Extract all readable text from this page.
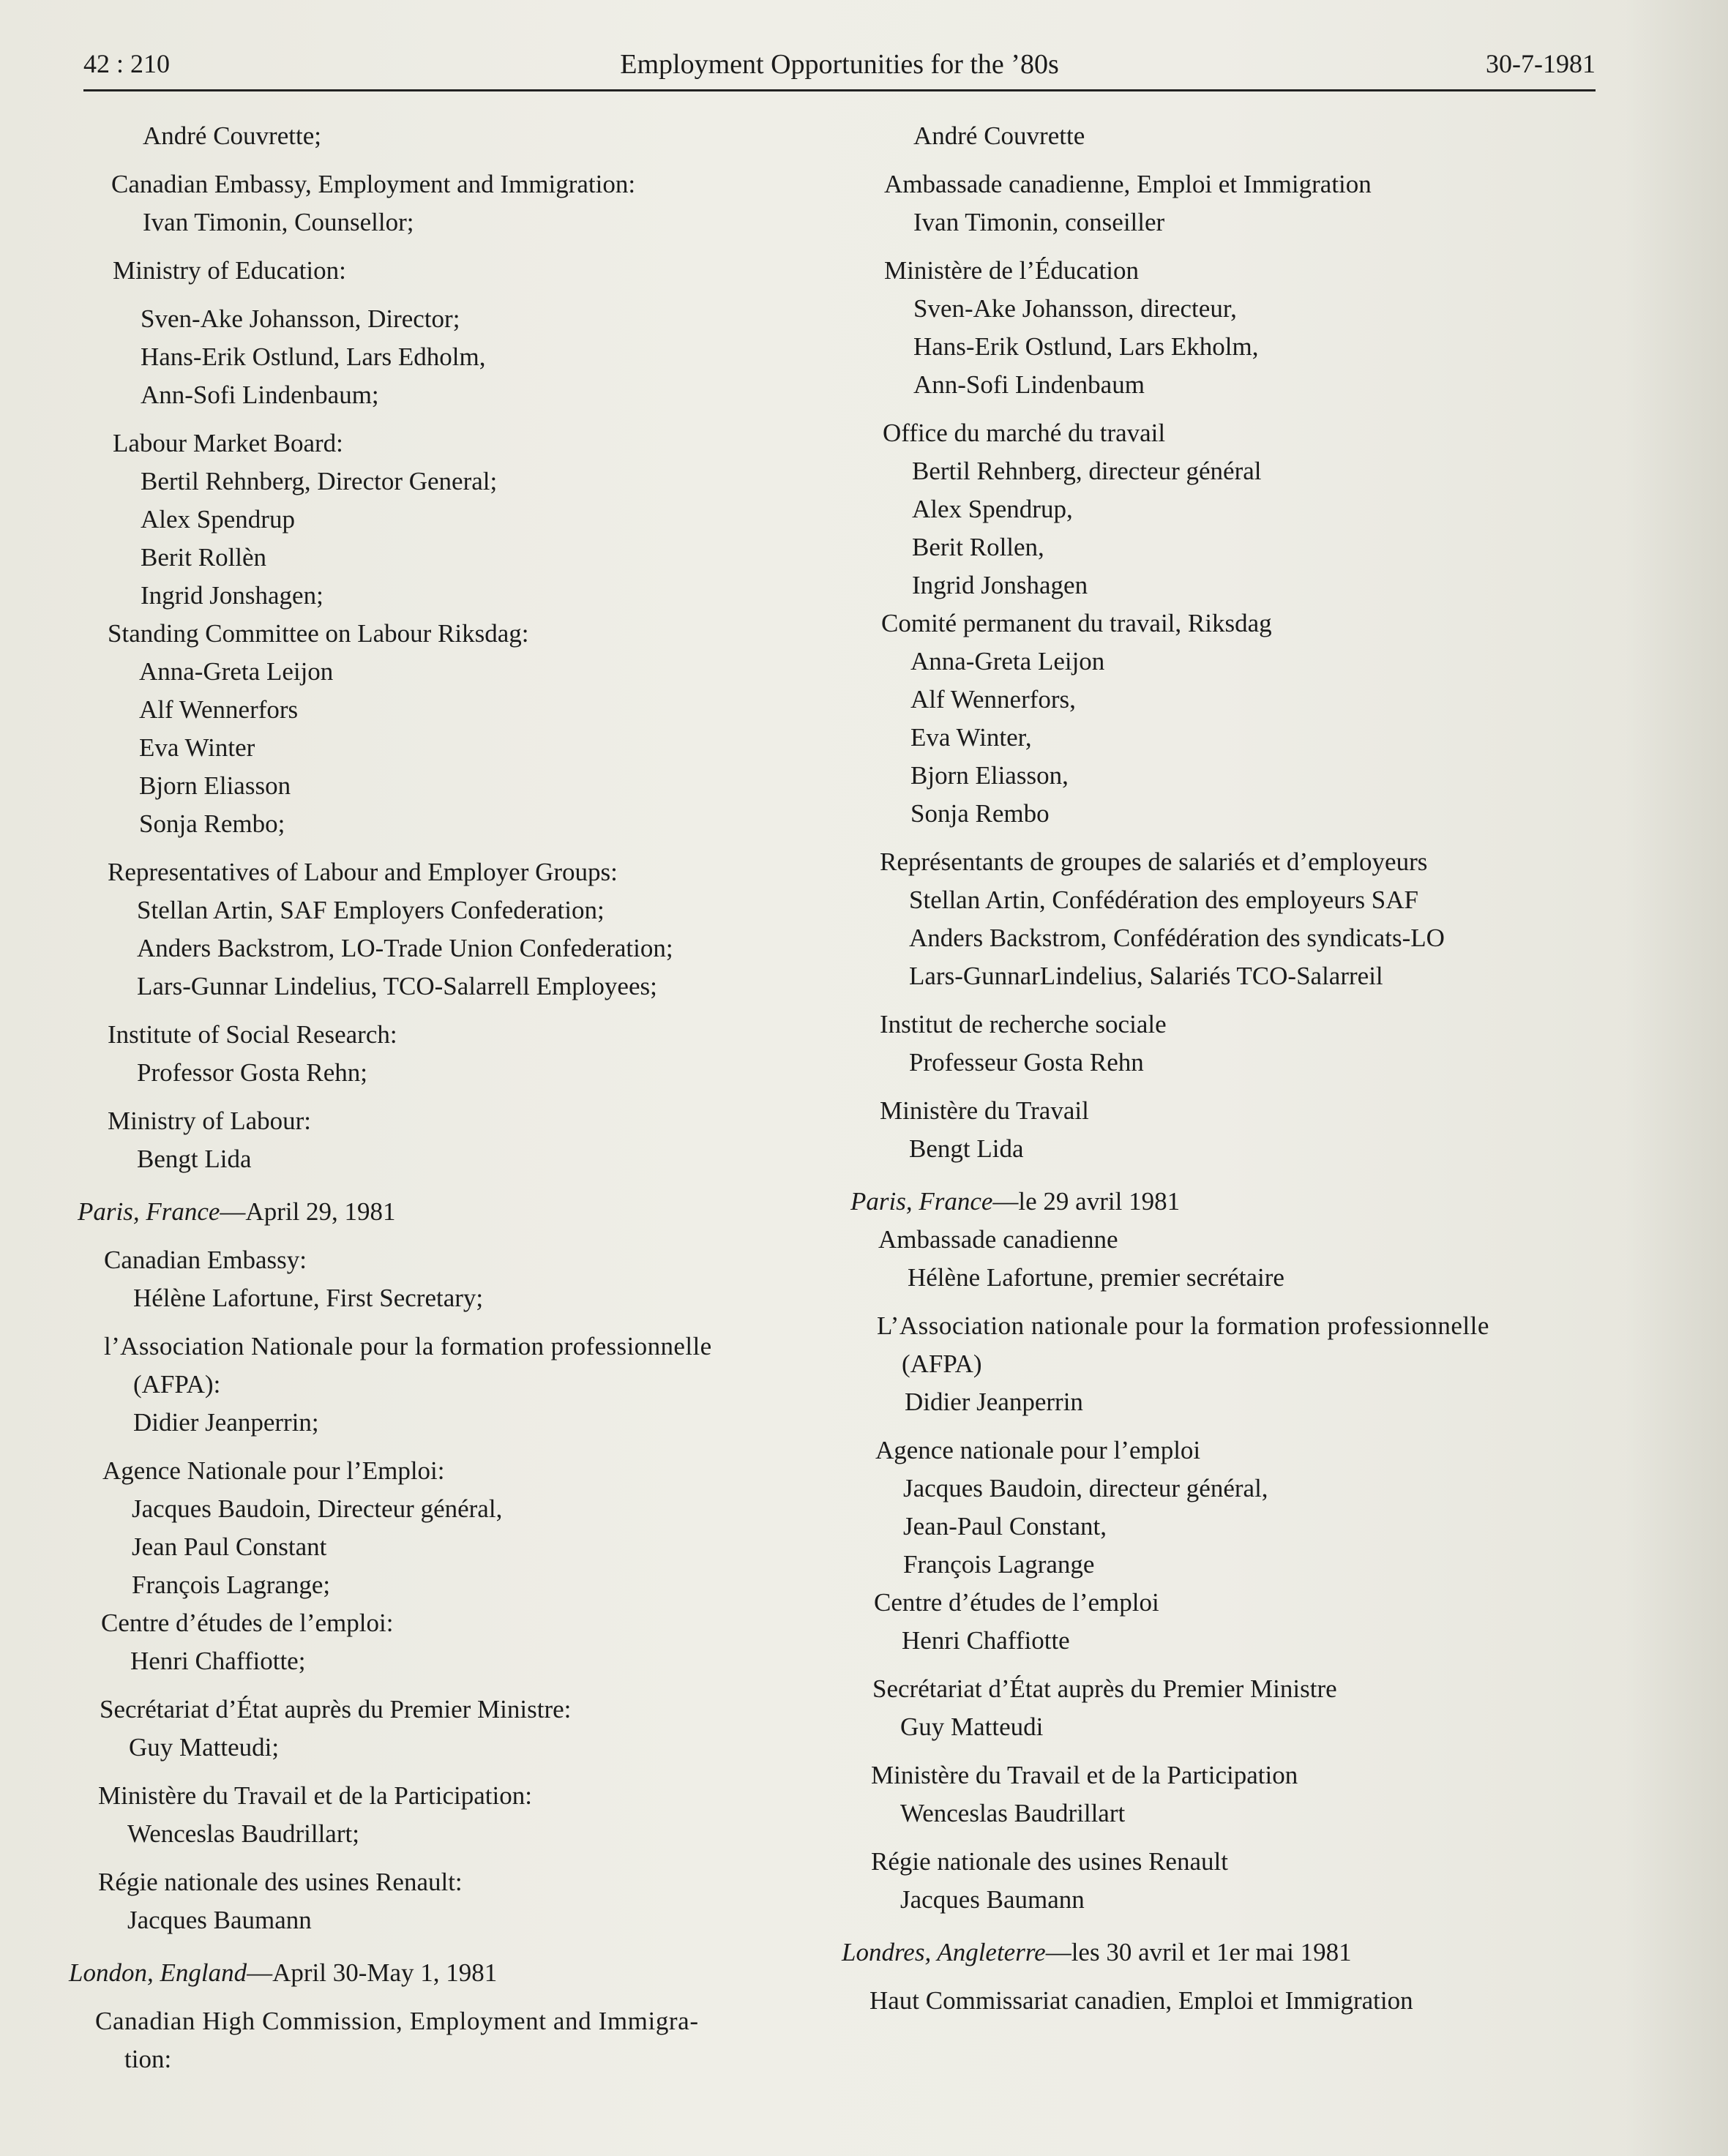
42 : 210	Employment Opportunities for the ’80s	30-7-1981
André Couvrette;
Canadian Embassy, Employment and Immigration:
Ivan Timonin, Counsellor;
Ministry of Education:
Sven-Ake Johansson, Director;
Hans-Erik Ostlund, Lars Edholm,
Ann-Sofi Lindenbaum;
Labour Market Board:
Bertil Rehnberg, Director General;
Alex Spendrup
Berit Rollèn
Ingrid Jonshagen;
Standing Committee on Labour Riksdag:
Anna-Greta Leijon
Alf Wennerfors
Eva Winter
Bjorn Eliasson
Sonja Rembo;
Representatives of Labour and Employer Groups:
Stellan Artin, SAF Employers Confederation;
Anders Backstrom, LO-Trade Union Confederation;
Lars-Gunnar Lindelius, TCO-Salarrell Employees;
Institute of Social Research:
Professor Gosta Rehn;
Ministry of Labour:
Bengt Lida
Paris, France—April 29, 1981
Canadian Embassy:
Hélène Lafortune, First Secretary;
l’Association Nationale pour la formation professionnelle
(AFPA):
Didier Jeanperrin;
Agence Nationale pour l’Emploi:
Jacques Baudoin, Directeur général,
Jean Paul Constant
François Lagrange;
Centre d’études de l’emploi:
Henri Chaffiotte;
Secrétariat d’État auprès du Premier Ministre:
Guy Matteudi;
Ministère du Travail et de la Participation:
Wenceslas Baudrillart;
Régie nationale des usines Renault:
Jacques Baumann
London, England—April 30-May 1, 1981
Canadian High Commission, Employment and Immigra-
tion:
André Couvrette
Ambassade canadienne, Emploi et Immigration
Ivan Timonin, conseiller
Ministère de l’Éducation
Sven-Ake Johansson, directeur,
Hans-Erik Ostlund, Lars Ekholm,
Ann-Sofi Lindenbaum
Office du marché du travail
Bertil Rehnberg, directeur général
Alex Spendrup,
Berit Rollen,
Ingrid Jonshagen
Comité permanent du travail, Riksdag
Anna-Greta Leijon
Alf Wennerfors,
Eva Winter,
Bjorn Eliasson,
Sonja Rembo
Représentants de groupes de salariés et d’employeurs
Stellan Artin, Confédération des employeurs SAF
Anders Backstrom, Confédération des syndicats-LO
Lars-GunnarLindelius, Salariés TCO-Salarreil
Institut de recherche sociale
Professeur Gosta Rehn
Ministère du Travail
Bengt Lida
Paris, France—le 29 avril 1981
Ambassade canadienne
Hélène Lafortune, premier secrétaire
L’Association nationale pour la formation professionnelle
(AFPA)
Didier Jeanperrin
Agence nationale pour l’emploi
Jacques Baudoin, directeur général,
Jean-Paul Constant,
François Lagrange
Centre d’études de l’emploi
Henri Chaffiotte
Secrétariat d’État auprès du Premier Ministre
Guy Matteudi
Ministère du Travail et de la Participation
Wenceslas Baudrillart
Régie nationale des usines Renault
Jacques Baumann
Londres, Angleterre—les 30 avril et 1er mai 1981
Haut Commissariat canadien, Emploi et Immigration
